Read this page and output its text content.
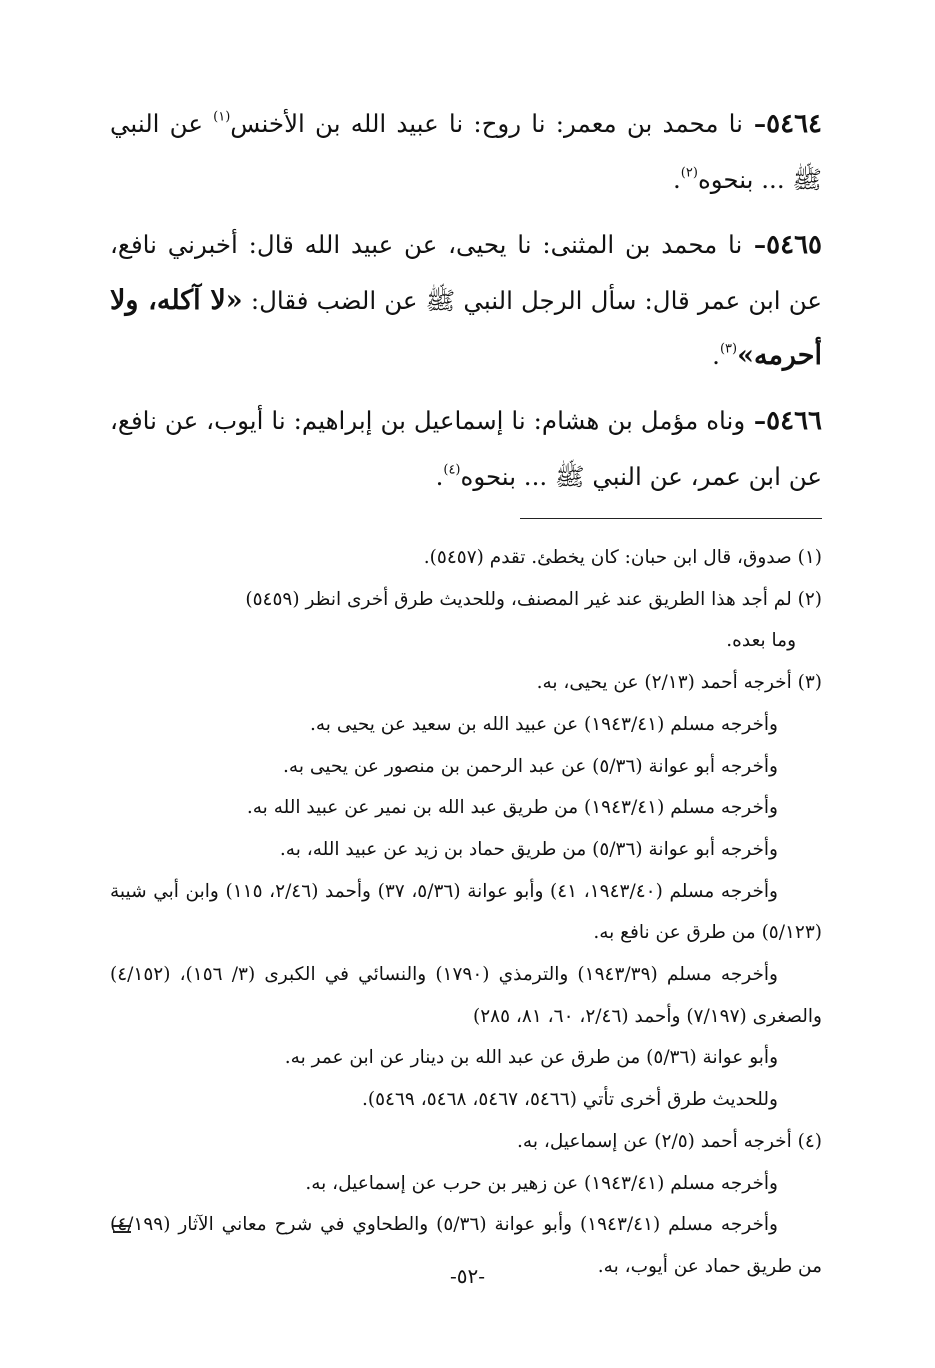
٥٤٦٤– نا محمد بن معمر: نا روح: نا عبيد الله بن الأخنس$^{(١)}$ عن النبي ﷺ ... بنحوه$^{(٢)}$.

٥٤٦٥– نا محمد بن المثنى: نا يحيى، عن عبيد الله قال: أخبرني نافع، عن ابن عمر قال: سأل الرجل النبي ﷺ عن الضب فقال: «لا آكله، ولا أحرمه»$^{(٣)}$.

٥٤٦٦– وناه مؤمل بن هشام: نا إسماعيل بن إبراهيم: نا أيوب، عن نافع، عن ابن عمر، عن النبي ﷺ ... بنحوه$^{(٤)}$.

(١) صدوق، قال ابن حبان: كان يخطئ. تقدم (٥٤٥٧).

(٢) لم أجد هذا الطريق عند غير المصنف، وللحديث طرق أخرى انظر (٥٤٥٩)

وما بعده.

(٣) أخرجه أحمد (٢/١٣) عن يحيى، به.

وأخرجه مسلم (١٩٤٣/٤١) عن عبيد الله بن سعيد عن يحيى به.

وأخرجه أبو عوانة (٥/٣٦) عن عبد الرحمن بن منصور عن يحيى به.

وأخرجه مسلم (١٩٤٣/٤١) من طريق عبد الله بن نمير عن عبيد الله به.

وأخرجه أبو عوانة (٥/٣٦) من طريق حماد بن زيد عن عبيد الله، به.

وأخرجه مسلم (١٩٤٣/٤٠، ٤١) وأبو عوانة (٥/٣٦، ٣٧) وأحمد (٢/٤٦، ١١٥) وابن أبي شيبة (٥/١٢٣) من طرق عن نافع به.

وأخرجه مسلم (١٩٤٣/٣٩) والترمذي (١٧٩٠) والنسائي في الكبرى (٣/ ١٥٦)، (٤/١٥٢) والصغرى (٧/١٩٧) وأحمد (٢/٤٦، ٦٠، ٨١، ٢٨٥)

وأبو عوانة (٥/٣٦) من طرق عن عبد الله بن دينار عن ابن عمر به.

وللحديث طرق أخرى تأتي (٥٤٦٦، ٥٤٦٧، ٥٤٦٨، ٥٤٦٩).

(٤) أخرجه أحمد (٢/٥) عن إسماعيل، به.

وأخرجه مسلم (١٩٤٣/٤١) عن زهير بن حرب عن إسماعيل، به.

وأخرجه مسلم (١٩٤٣/٤١) وأبو عوانة (٥/٣٦) والطحاوي في شرح معاني الآثار (٤/١٩٩) من طريق حماد عن أيوب، به.

-٥٢-
